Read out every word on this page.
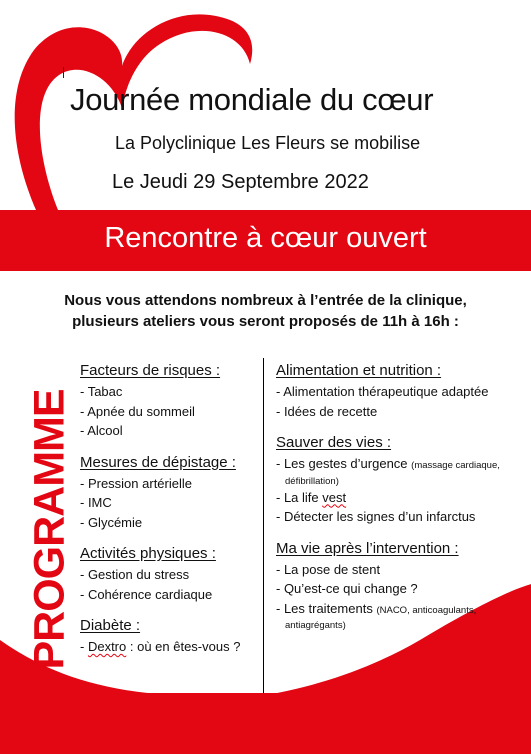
Journée mondiale du cœur
La Polyclinique Les Fleurs se mobilise
Le Jeudi 29 Septembre 2022
Rencontre à cœur ouvert
Nous vous attendons nombreux à l’entrée de la clinique,
plusieurs ateliers vous seront proposés de 11h à 16h :
PROGRAMME
Facteurs de risques :
- Tabac
- Apnée du sommeil
- Alcool
Mesures de dépistage :
- Pression artérielle
- IMC
- Glycémie
Activités physiques :
- Gestion du stress
- Cohérence cardiaque
Diabète :
- Dextro : où en êtes-vous ?
Alimentation et nutrition :
- Alimentation thérapeutique adaptée
- Idées de recette
Sauver des vies :
- Les gestes d’urgence (massage cardiaque,
défibrillation)
- La life vest
- Détecter les signes d’un infarctus
Ma vie après l’intervention :
- La pose de stent
- Qu’est-ce qui change ?
- Les traitements (NACO, anticoagulants,
antiagrégants)
